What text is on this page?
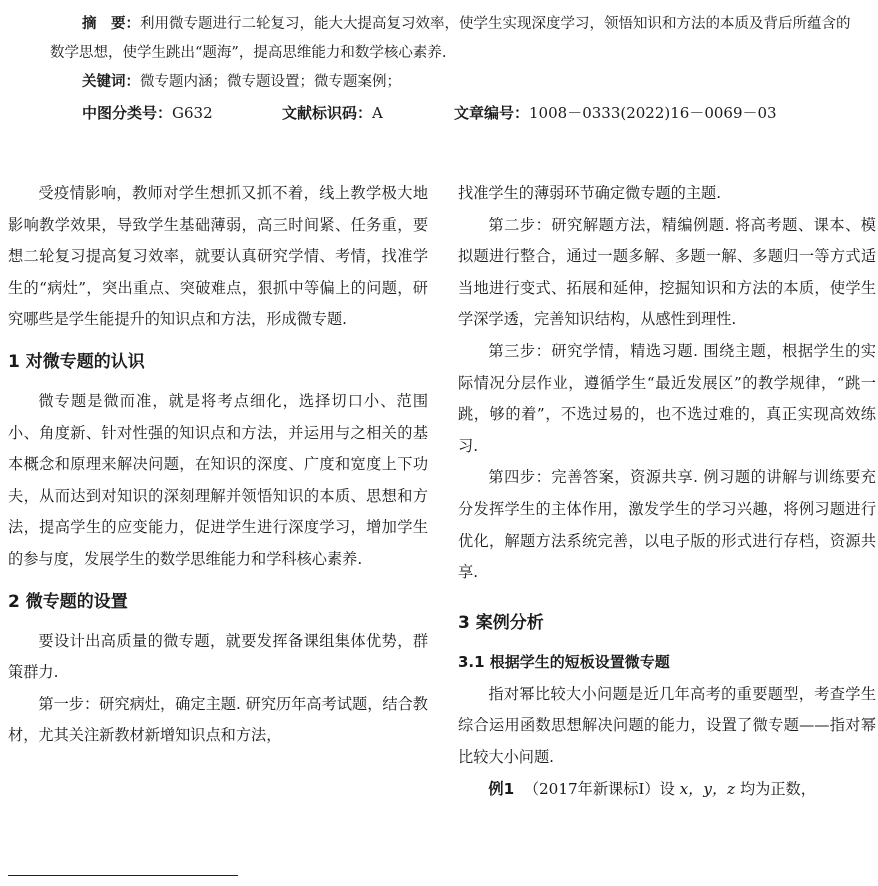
摘　要：利用微专题进行二轮复习，能大大提高复习效率，使学生实现深度学习，领悟知识和方法的本质及背后所蕴含的数学思想，使学生跳出“题海”，提高思维能力和数学核心素养.

关键词：微专题内涵；微专题设置；微专题案例；

中图分类号：G632	文献标识码：A	文章编号：1008－0333(2022)16－0069－03

受疫情影响，教师对学生想抓又抓不着，线上教学极大地影响教学效果，导致学生基础薄弱，高三时间紧、任务重，要想二轮复习提高复习效率，就要认真研究学情、考情，找准学生的“病灶”，突出重点、突破难点，狠抓中等偏上的问题，研究哪些是学生能提升的知识点和方法，形成微专题.

1 对微专题的认识

微专题是微而准，就是将考点细化，选择切口小、范围小、角度新、针对性强的知识点和方法，并运用与之相关的基本概念和原理来解决问题，在知识的深度、广度和宽度上下功夫，从而达到对知识的深刻理解并领悟知识的本质、思想和方法，提高学生的应变能力，促进学生进行深度学习，增加学生的参与度，发展学生的数学思维能力和学科核心素养.

2 微专题的设置

要设计出高质量的微专题，就要发挥备课组集体优势，群策群力.

第一步：研究病灶，确定主题. 研究历年高考试题，结合教材，尤其关注新教材新增知识点和方法，

找准学生的薄弱环节确定微专题的主题.

第二步：研究解题方法，精编例题. 将高考题、课本、模拟题进行整合，通过一题多解、多题一解、多题归一等方式适当地进行变式、拓展和延伸，挖掘知识和方法的本质，使学生学深学透，完善知识结构，从感性到理性.

第三步：研究学情，精选习题. 围绕主题，根据学生的实际情况分层作业，遵循学生“最近发展区”的教学规律，“跳一跳，够的着”，不选过易的，也不选过难的，真正实现高效练习.

第四步：完善答案，资源共享. 例习题的讲解与训练要充分发挥学生的主体作用，激发学生的学习兴趣，将例习题进行优化，解题方法系统完善，以电子版的形式进行存档，资源共享.

3 案例分析
3.1 根据学生的短板设置微专题

指对幂比较大小问题是近几年高考的重要题型，考查学生综合运用函数思想解决问题的能力，设置了微专题——指对幂比较大小问题.

例1 （2017年新课标Ⅰ）设 x，y，z 均为正数，
